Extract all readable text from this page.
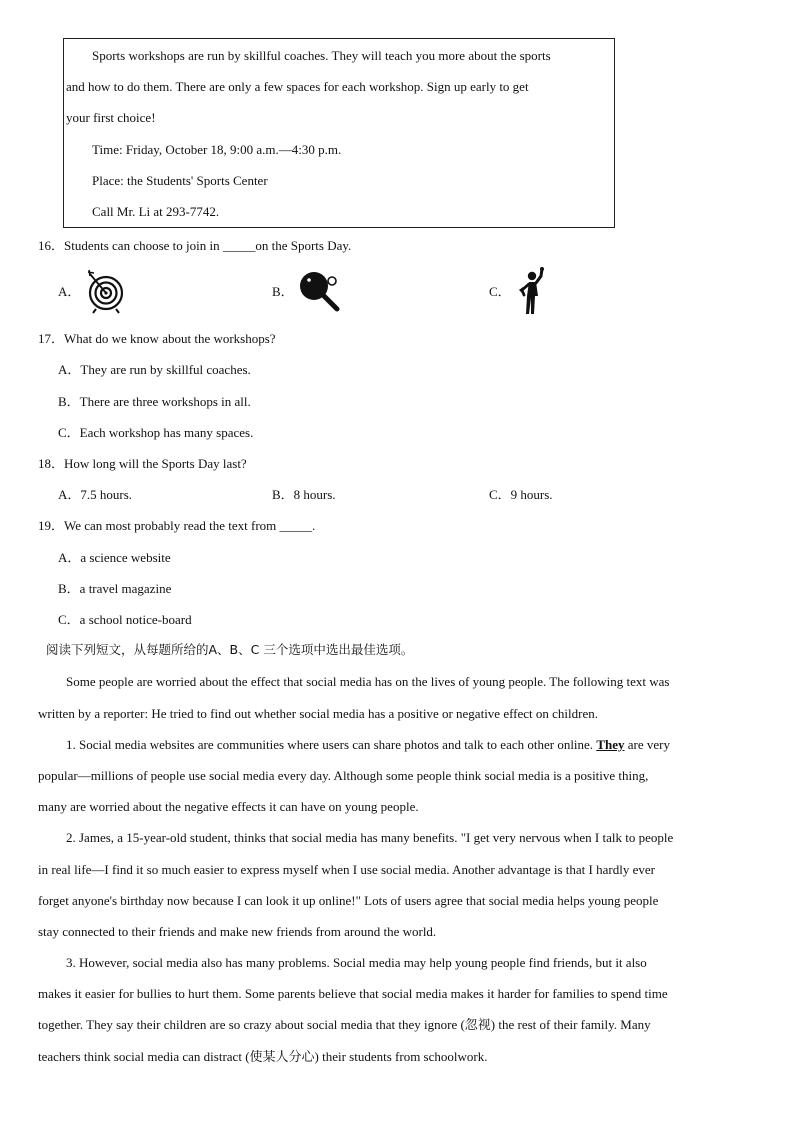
Sports workshops are run by skillful coaches. They will teach you more about the sports
and how to do them. There are only a few spaces for each workshop. Sign up early to get
your first choice!
Time: Friday, October 18, 9:00 a.m.—4:30 p.m.
Place: the Students' Sports Center
Call Mr. Li at 293-7742.
16．Students can choose to join in _____on the Sports Day.
A．	B．	C．
17．What do we know about the workshops?
A．They are run by skillful coaches.
B．There are three workshops in all.
C．Each workshop has many spaces.
18．How long will the Sports Day last?
A．7.5 hours.	B．8 hours.	C．9 hours.
19．We can most probably read the text from _____.
A．a science website
B．a travel magazine
C．a school notice-board
阅读下列短文，从每题所给的A、B、C 三个选项中选出最佳选项。
Some people are worried about the effect that social media has on the lives of young people. The following text was
written by a reporter: He tried to find out whether social media has a positive or negative effect on children.
1. Social media websites are communities where users can share photos and talk to each other online. They are very
popular—millions of people use social media every day. Although some people think social media is a positive thing,
many are worried about the negative effects it can have on young people.
2. James, a 15-year-old student, thinks that social media has many benefits. "I get very nervous when I talk to people
in real life—I find it so much easier to express myself when I use social media. Another advantage is that I hardly ever
forget anyone's birthday now because I can look it up online!" Lots of users agree that social media helps young people
stay connected to their friends and make new friends from around the world.
3. However, social media also has many problems. Social media may help young people find friends, but it also
makes it easier for bullies to hurt them. Some parents believe that social media makes it harder for families to spend time
together. They say their children are so crazy about social media that they ignore (忽视) the rest of their family. Many
teachers think social media can distract (使某人分心) their students from schoolwork.
